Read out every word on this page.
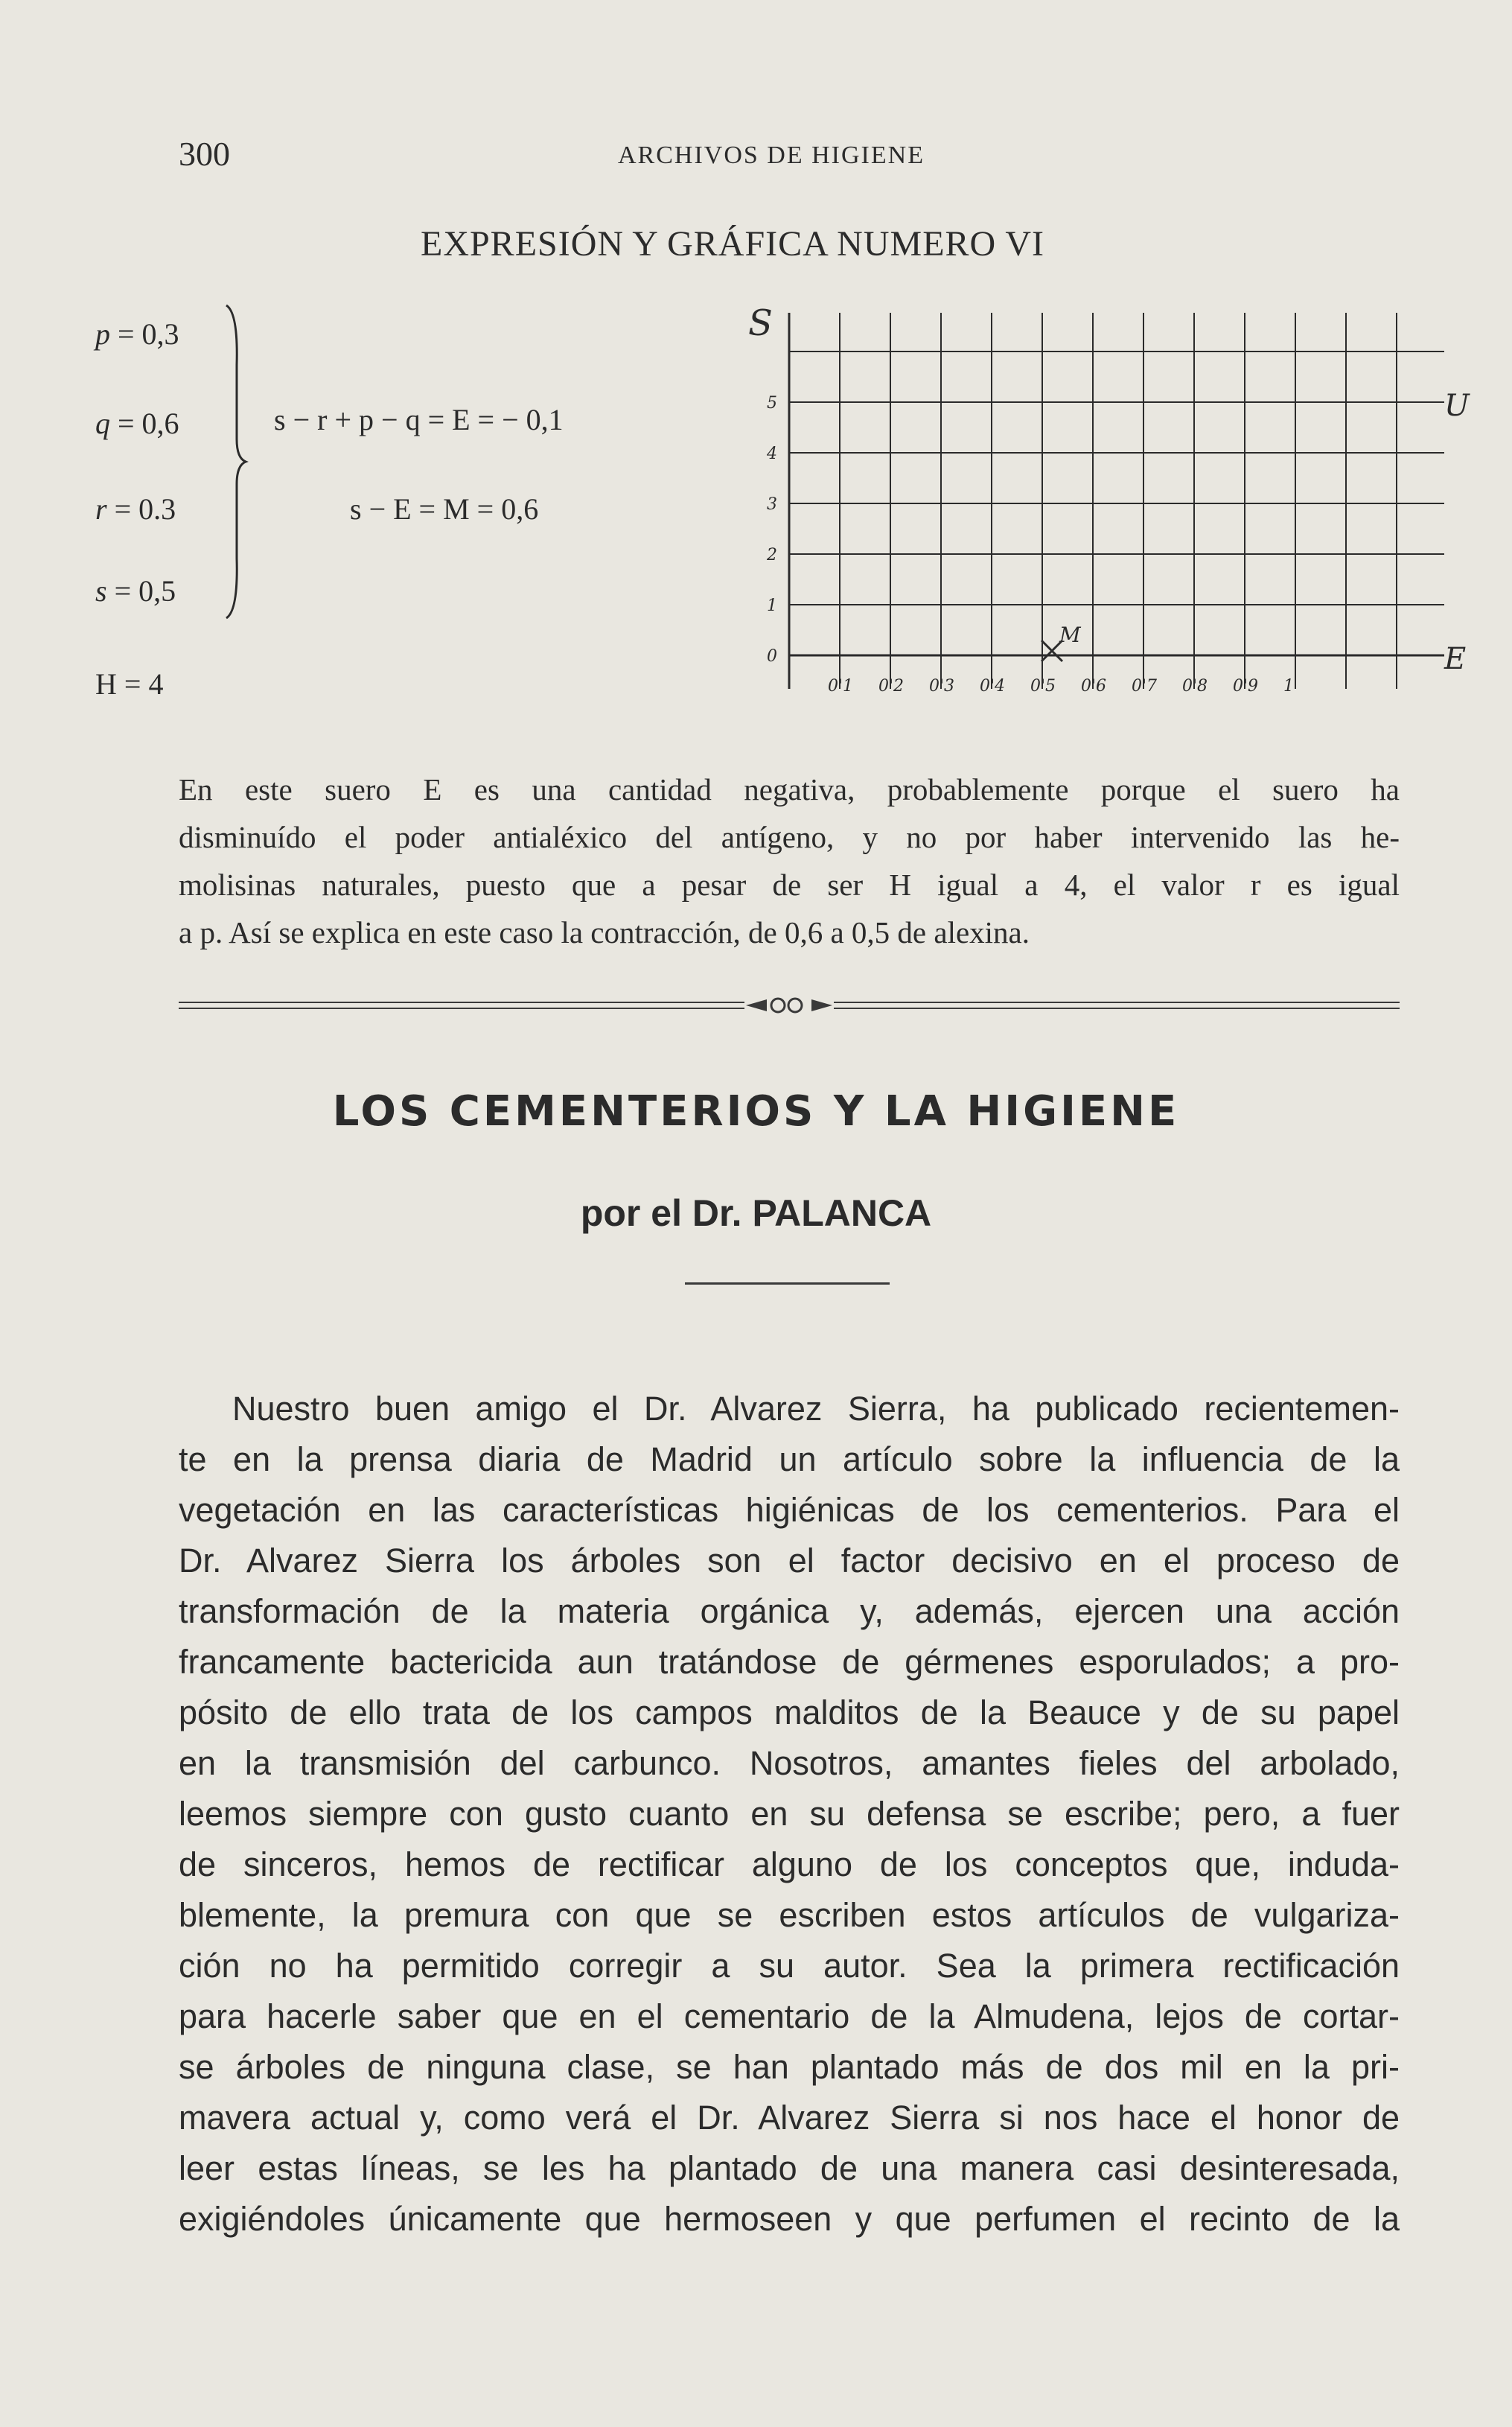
300	ARCHIVOS DE HIGIENE
EXPRESIÓN Y GRÁFICA NUMERO VI
p = 0,3
q = 0,6
r = 0.3
s = 0,5
H = 4
s − r + p − q = E = − 0,1
s − E = M = 0,6
5
4
3
2
1
0
0'1 0'2 0'3 0'4 0'5 0'6 0'7 0'8 0'9 1
S
U
E
M
En este suero E es una cantidad negativa, probablemente porque el suero ha
disminuído el poder antialéxico del antígeno, y no por haber intervenido las he-
molisinas naturales, puesto que a pesar de ser H igual a 4, el valor r es igual
a p. Así se explica en este caso la contracción, de 0,6 a 0,5 de alexina.
LOS CEMENTERIOS Y LA HIGIENE
por el Dr. PALANCA
Nuestro buen amigo el Dr. Alvarez Sierra, ha publicado recientemen-
te en la prensa diaria de Madrid un artículo sobre la influencia de la
vegetación en las características higiénicas de los cementerios. Para el
Dr. Alvarez Sierra los árboles son el factor decisivo en el proceso de
transformación de la materia orgánica y, además, ejercen una acción
francamente bactericida aun tratándose de gérmenes esporulados; a pro-
pósito de ello trata de los campos malditos de la Beauce y de su papel
en la transmisión del carbunco. Nosotros, amantes fieles del arbolado,
leemos siempre con gusto cuanto en su defensa se escribe; pero, a fuer
de sinceros, hemos de rectificar alguno de los conceptos que, induda-
blemente, la premura con que se escriben estos artículos de vulgariza-
ción no ha permitido corregir a su autor. Sea la primera rectificación
para hacerle saber que en el cementario de la Almudena, lejos de cortar-
se árboles de ninguna clase, se han plantado más de dos mil en la pri-
mavera actual y, como verá el Dr. Alvarez Sierra si nos hace el honor de
leer estas líneas, se les ha plantado de una manera casi desinteresada,
exigiéndoles únicamente que hermoseen y que perfumen el recinto de la
